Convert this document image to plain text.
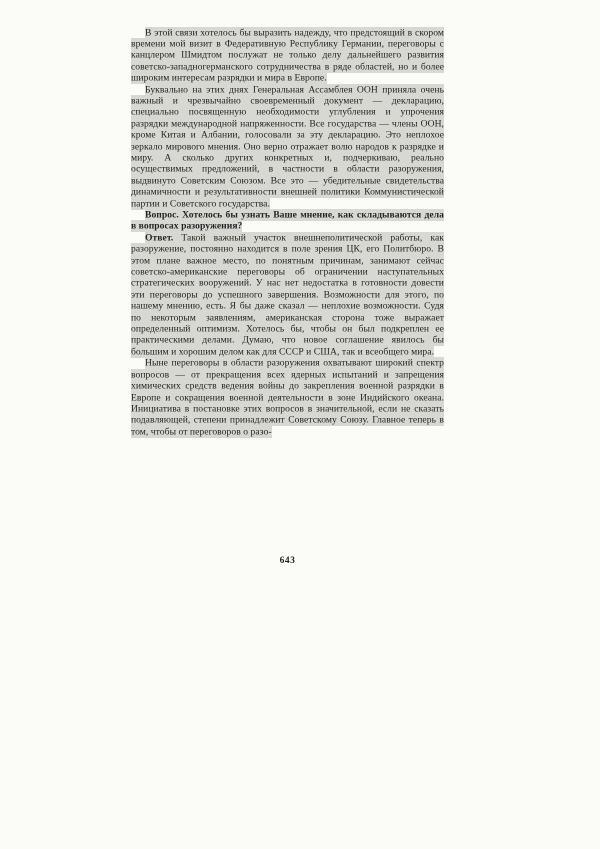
В этой связи хотелось бы выразить надежду, что предстоящий в скором времени мой визит в Федеративную Республику Германии, переговоры с канцлером Шмидтом послужат не только делу дальнейшего развития советско-западногерманского сотрудничества в ряде областей, но и более широким интересам разрядки и мира в Европе.

Буквально на этих днях Генеральная Ассамблея ООН приняла очень важный и чрезвычайно своевременный документ — декларацию, специально посвященную необходимости углубления и упрочения разрядки международной напряженности. Все государства — члены ООН, кроме Китая и Албании, голосовали за эту декларацию. Это неплохое зеркало мирового мнения. Оно верно отражает волю народов к разрядке и миру. А сколько других конкретных и, подчеркиваю, реально осуществимых предложений, в частности в области разоружения, выдвинуто Советским Союзом. Все это — убедительные свидетельства динамичности и результативности внешней политики Коммунистической партии и Советского государства.

Вопрос. Хотелось бы узнать Ваше мнение, как складываются дела в вопросах разоружения?

Ответ. Такой важный участок внешнеполитической работы, как разоружение, постоянно находится в поле зрения ЦК, его Политбюро. В этом плане важное место, по понятным причинам, занимают сейчас советско-американские переговоры об ограничении наступательных стратегических вооружений. У нас нет недостатка в готовности довести эти переговоры до успешного завершения. Возможности для этого, по нашему мнению, есть. Я бы даже сказал — неплохие возможности. Судя по некоторым заявлениям, американская сторона тоже выражает определенный оптимизм. Хотелось бы, чтобы он был подкреплен ее практическими делами. Думаю, что новое соглашение явилось бы большим и хорошим делом как для СССР и США, так и всеобщего мира.

Ныне переговоры в области разоружения охватывают широкий спектр вопросов — от прекращения всех ядерных испытаний и запрещения химических средств ведения войны до закрепления военной разрядки в Европе и сокращения военной деятельности в зоне Индийского океана. Инициатива в постановке этих вопросов в значительной, если не сказать подавляющей, степени принадлежит Советскому Союзу. Главное теперь в том, чтобы от переговоров о разо-

643
